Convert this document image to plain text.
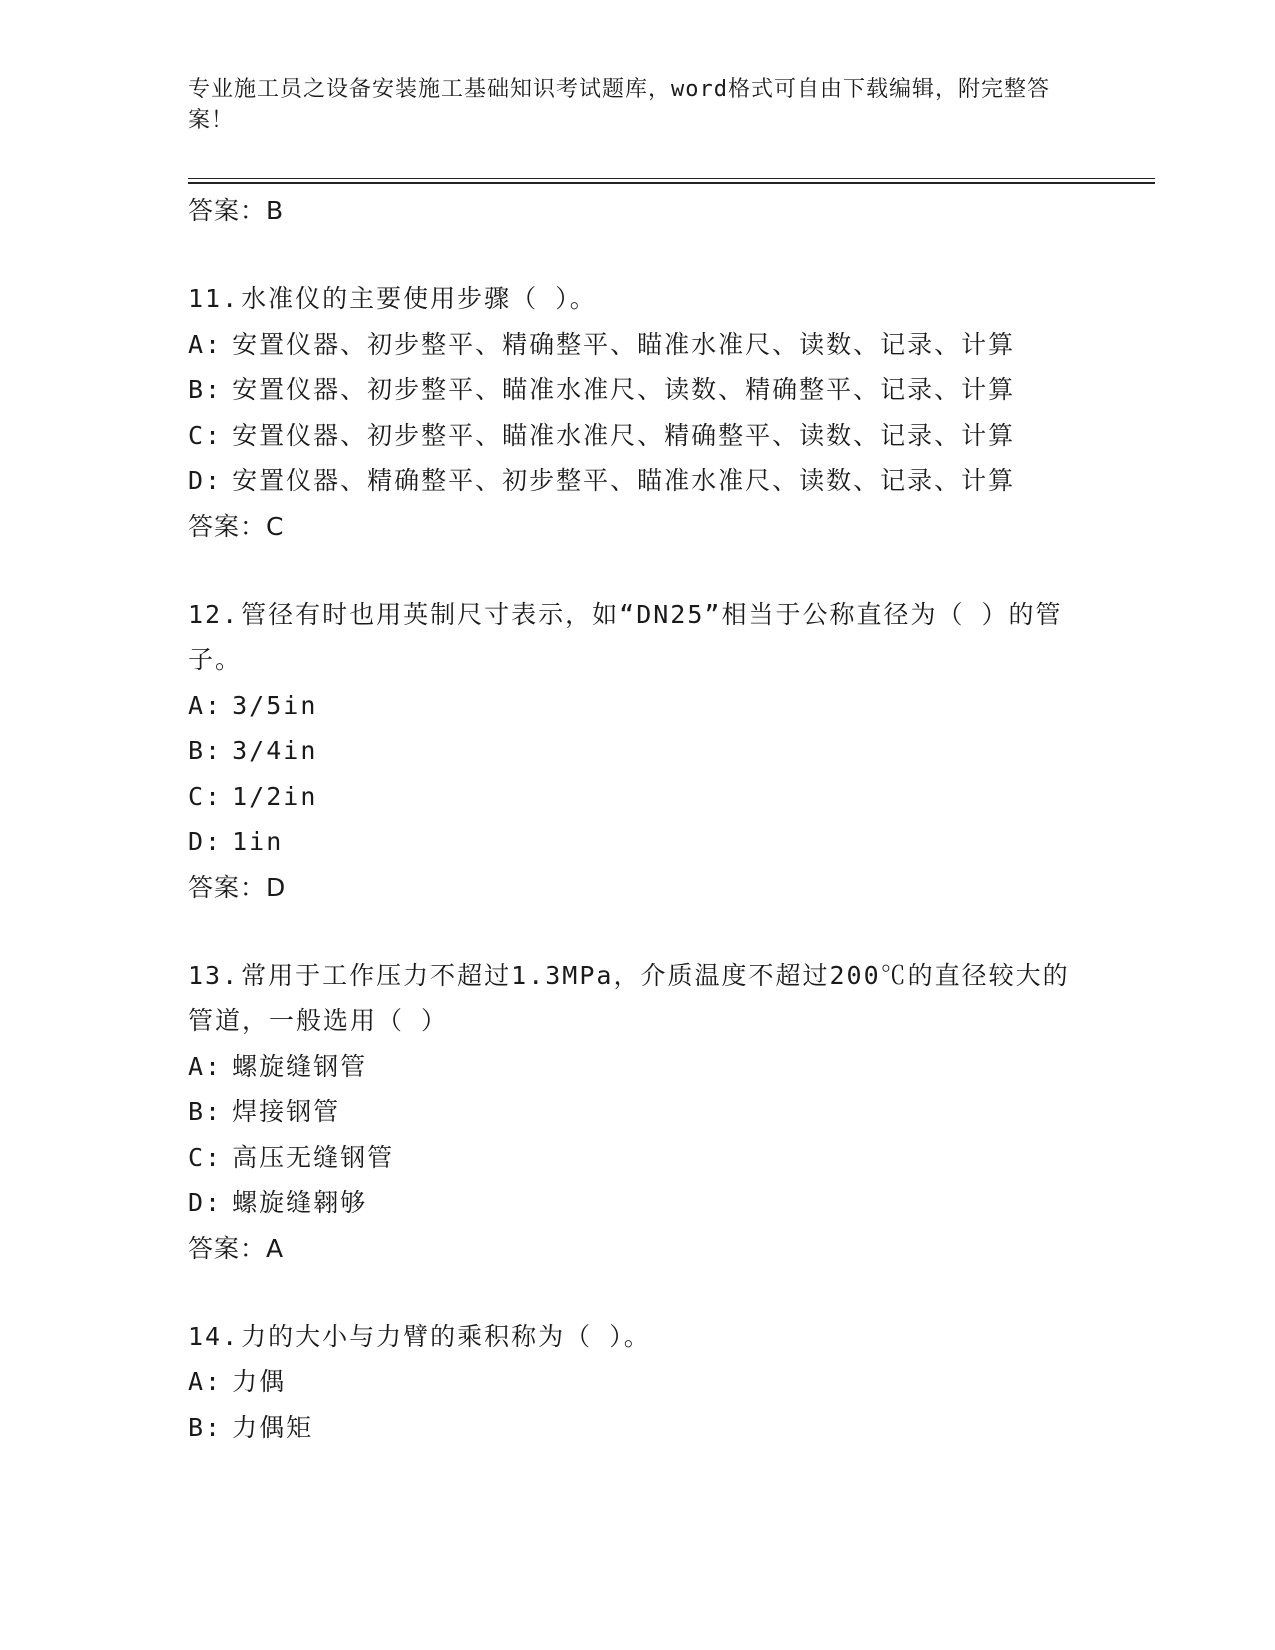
专业施工员之设备安装施工基础知识考试题库，word格式可自由下载编辑，附完整答案！
答案：B
11.水准仪的主要使用步骤（ ）。
A: 安置仪器、初步整平、精确整平、瞄准水准尺、读数、记录、计算
B: 安置仪器、初步整平、瞄准水准尺、读数、精确整平、记录、计算
C: 安置仪器、初步整平、瞄准水准尺、精确整平、读数、记录、计算
D: 安置仪器、精确整平、初步整平、瞄准水准尺、读数、记录、计算
答案：C
12.管径有时也用英制尺寸表示，如“DN25”相当于公称直径为（ ）的管子。
A: 3/5in
B: 3/4in
C: 1/2in
D: 1in
答案：D
13.常用于工作压力不超过1.3MPa，介质温度不超过200℃的直径较大的管道，一般选用（ ）
A: 螺旋缝钢管
B: 焊接钢管
C: 高压无缝钢管
D: 螺旋缝翱够
答案：A
14.力的大小与力臂的乘积称为（ ）。
A: 力偶
B: 力偶矩
